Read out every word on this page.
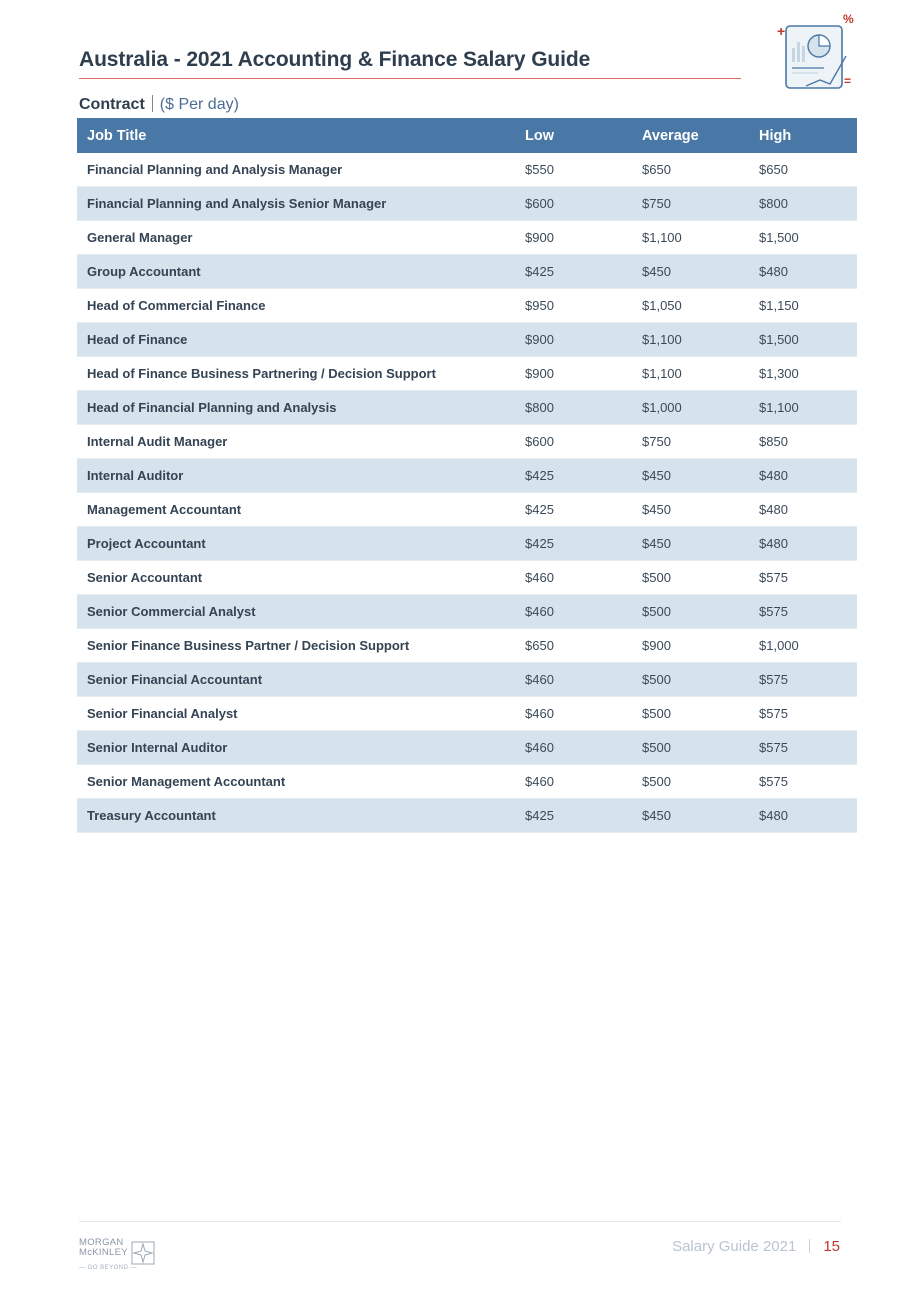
Australia - 2021 Accounting & Finance Salary Guide
+
%
=
Contract ($ Per day)
Job Title	Low	Average	High
Financial Planning and Analysis Manager	$550	$650	$650
Financial Planning and Analysis Senior Manager	$600	$750	$800
General Manager	$900	$1,100	$1,500
Group Accountant	$425	$450	$480
Head of Commercial Finance	$950	$1,050	$1,150
Head of Finance	$900	$1,100	$1,500
Head of Finance Business Partnering / Decision Support	$900	$1,100	$1,300
Head of Financial Planning and Analysis	$800	$1,000	$1,100
Internal Audit Manager	$600	$750	$850
Internal Auditor	$425	$450	$480
Management Accountant	$425	$450	$480
Project Accountant	$425	$450	$480
Senior Accountant	$460	$500	$575
Senior Commercial Analyst	$460	$500	$575
Senior Finance Business Partner / Decision Support	$650	$900	$1,000
Senior Financial Accountant	$460	$500	$575
Senior Financial Analyst	$460	$500	$575
Senior Internal Auditor	$460	$500	$575
Senior Management Accountant	$460	$500	$575
Treasury Accountant	$425	$450	$480
MORGAN
McKINLEY
— GO BEYOND —
Salary Guide 2021 15
